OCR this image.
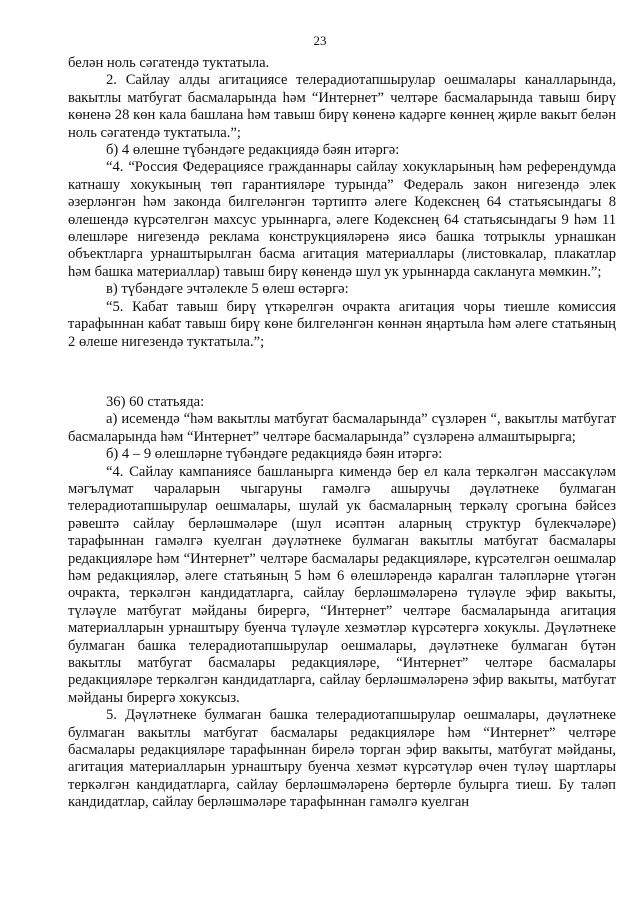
23

белән ноль сәгатендә туктатыла.

2. Сайлау алды агитациясе телерадиотапшырулар оешмалары каналларында, вакытлы матбугат басмаларында һәм “Интернет” челтәре басмаларында тавыш бирү көненә 28 көн кала башлана һәм тавыш бирү көненә кадәрге көннең җирле вакыт белән ноль сәгатендә туктатыла.”;

б) 4 өлешне түбәндәге редакциядә бәян итәргә:

“4. “Россия Федерациясе гражданнары сайлау хокукларының һәм референдумда катнашу хокукының төп гарантияләре турында” Федераль закон нигезендә элек әзерләнгән һәм законда билгеләнгән тәртиптә әлеге Кодекснең 64 статьясындагы 8 өлешендә күрсәтелгән махсус урыннарга, әлеге Кодекснең 64 статьясындагы 9 һәм 11 өлешләре нигезендә реклама конструкцияләренә яисә башка тотрыклы урнашкан объектларга урнаштырылган басма агитация материаллары (листовкалар, плакатлар һәм башка материаллар) тавыш бирү көнендә шул ук урыннарда саклануга мөмкин.”;

в) түбәндәге эчтәлекле 5 өлеш өстәргә:

“5. Кабат тавыш бирү үткәрелгән очракта агитация чоры тиешле комиссия тарафыннан кабат тавыш бирү көне билгеләнгән көннән яңартыла һәм әлеге статьяның 2 өлеше нигезендә туктатыла.”;

36) 60 статьяда:

а) исемендә “һәм вакытлы матбугат басмаларында” сүзләрен “, вакытлы матбугат басмаларында һәм “Интернет” челтәре басмаларында” сүзләренә алмаштырырга;

б) 4 – 9 өлешләрне түбәндәге редакциядә бәян итәргә:

“4. Сайлау кампаниясе башланырга кимендә бер ел кала теркәлгән массакүләм мәгълүмат чараларын чыгаруны гамәлгә ашыручы дәүләтнеке булмаган телерадиотапшырулар оешмалары, шулай ук басмаларның теркәлү срогына бәйсез рәвештә сайлау берләшмәләре (шул исәптән аларның структур бүлекчәләре) тарафыннан гамәлгә куелган дәүләтнеке булмаган вакытлы матбугат басмалары редакцияләре һәм “Интернет” челтәре басмалары редакцияләре, күрсәтелгән оешмалар һәм редакцияләр, әлеге статьяның 5 һәм 6 өлешләрендә каралган таләпләрне үтәгән очракта, теркәлгән кандидатларга, сайлау берләшмәләренә түләүле эфир вакыты, түләүле матбугат мәйданы бирергә, “Интернет” челтәре басмаларында агитация материалларын урнаштыру буенча түләүле хезмәтләр күрсәтергә хокуклы. Дәүләтнеке булмаган башка телерадиотапшырулар оешмалары, дәүләтнеке булмаган бүтән вакытлы матбугат басмалары редакцияләре, “Интернет” челтәре басмалары редакцияләре теркәлгән кандидатларга, сайлау берләшмәләренә эфир вакыты, матбугат мәйданы бирергә хокуксыз.

5. Дәүләтнеке булмаган башка телерадиотапшырулар оешмалары, дәүләтнеке булмаган вакытлы матбугат басмалары редакцияләре һәм “Интернет” челтәре басмалары редакцияләре тарафыннан бирелә торган эфир вакыты, матбугат мәйданы, агитация материалларын урнаштыру буенча хезмәт күрсәтүләр өчен түләү шартлары теркәлгән кандидатларга, сайлау берләшмәләренә бертөрле булырга тиеш. Бу таләп кандидатлар, сайлау берләшмәләре тарафыннан гамәлгә куелган
